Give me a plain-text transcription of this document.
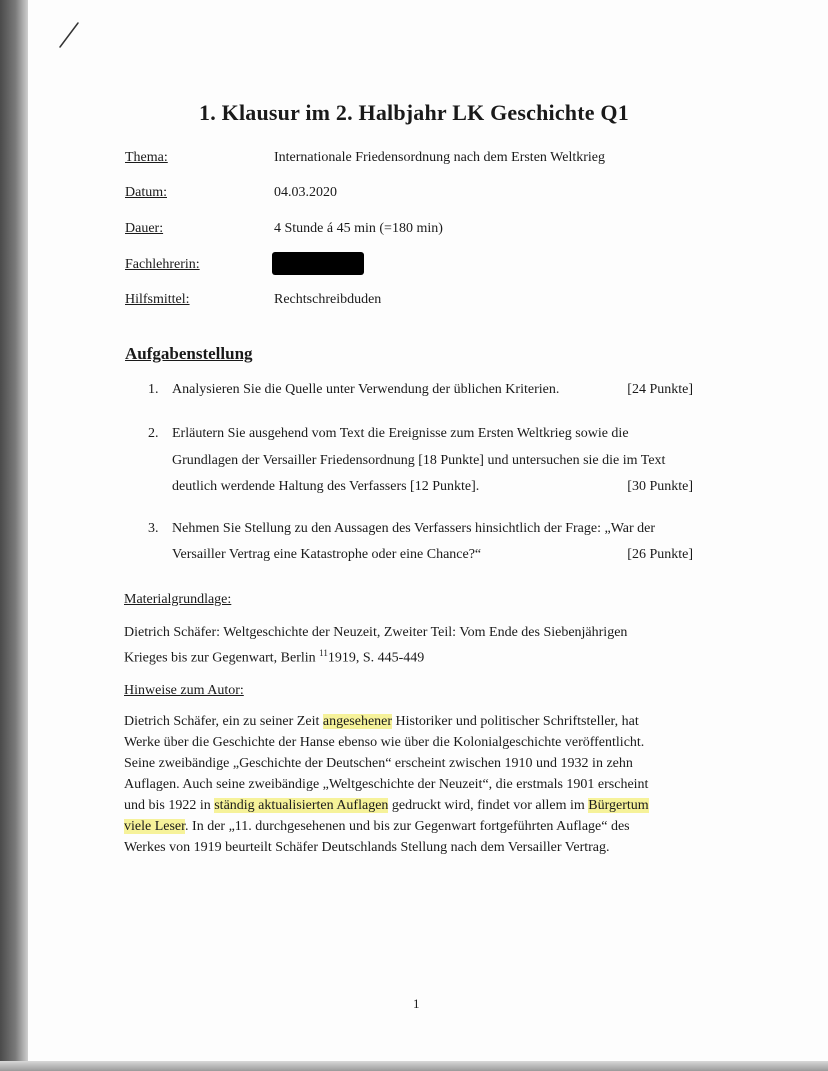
1. Klausur im 2. Halbjahr LK Geschichte Q1
Thema:	Internationale Friedensordnung nach dem Ersten Weltkrieg
Datum:	04.03.2020
Dauer:	4 Stunde á 45 min (=180 min)
Fachlehrerin:
Hilfsmittel:	Rechtschreibduden
Aufgabenstellung
1. Analysieren Sie die Quelle unter Verwendung der üblichen Kriterien.	[24 Punkte]
2. Erläutern Sie ausgehend vom Text die Ereignisse zum Ersten Weltkrieg sowie die
Grundlagen der Versailler Friedensordnung [18 Punkte] und untersuchen sie die im Text
deutlich werdende Haltung des Verfassers [12 Punkte].	[30 Punkte]
3. Nehmen Sie Stellung zu den Aussagen des Verfassers hinsichtlich der Frage: „War der
Versailler Vertrag eine Katastrophe oder eine Chance?“	[26 Punkte]
Materialgrundlage:
Dietrich Schäfer: Weltgeschichte der Neuzeit, Zweiter Teil: Vom Ende des Siebenjährigen
Krieges bis zur Gegenwart, Berlin $^{11}$1919, S. 445-449
Hinweise zum Autor:
Dietrich Schäfer, ein zu seiner Zeit angesehener Historiker und politischer Schriftsteller, hat
Werke über die Geschichte der Hanse ebenso wie über die Kolonialgeschichte veröffentlicht.
Seine zweibändige „Geschichte der Deutschen“ erscheint zwischen 1910 und 1932 in zehn
Auflagen. Auch seine zweibändige „Weltgeschichte der Neuzeit“, die erstmals 1901 erscheint
und bis 1922 in ständig aktualisierten Auflagen gedruckt wird, findet vor allem im Bürgertum
viele Leser. In der „11. durchgesehenen und bis zur Gegenwart fortgeführten Auflage“ des
Werkes von 1919 beurteilt Schäfer Deutschlands Stellung nach dem Versailler Vertrag.
1
